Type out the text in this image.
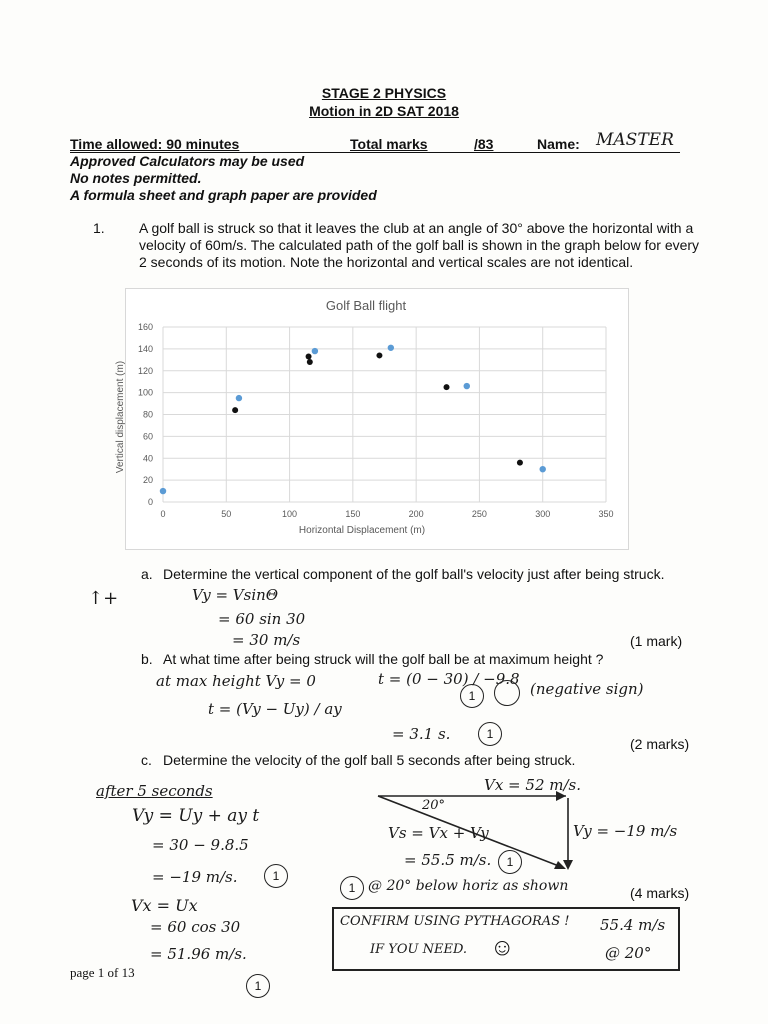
STAGE 2 PHYSICS
Motion in 2D SAT 2018
Time allowed: 90 minutes	Total marks	/83	Name: MASTER
Approved Calculators may be used
No notes permitted.
A formula sheet and graph paper are provided
1. A golf ball is struck so that it leaves the club at an angle of 30° above the horizontal with a velocity of 60m/s. The calculated path of the golf ball is shown in the graph below for every 2 seconds of its motion. Note the horizontal and vertical scales are not identical.
Golf Ball flight
0
20
40
60
80
100
120
140
160
0	50	100	150	200	250	300	350
Horizontal Displacement (m)
Vertical displacement (m)
a. Determine the vertical component of the golf ball's velocity just after being struck.
↑+	Vy = VsinΘ
= 60 sin 30
= 30 m/s	(1 mark)
b. At what time after being struck will the golf ball be at maximum height ?
at max height Vy = 0
t = (Vy − Uy) / ay
t = (0 − 30) / −9.8
= 3.1 s.
1
1
(negative sign)
(2 marks)
c. Determine the velocity of the golf ball 5 seconds after being struck.
after 5 seconds
Vy = Uy + ay t
= 30 − 9.8.5
= −19 m/s.	1
Vx = Ux
= 60 cos 30
= 51.96 m/s.
1
Vx = 52 m/s.
Vy = −19 m/s
20°
Vs = Vx + Vy
= 55.5 m/s.	1
1 @ 20° below horiz as shown	(4 marks)
CONFIRM USING PYTHAGORAS ! 55.4 m/s
IF YOU NEED. ☺	@ 20°
page 1 of 13
